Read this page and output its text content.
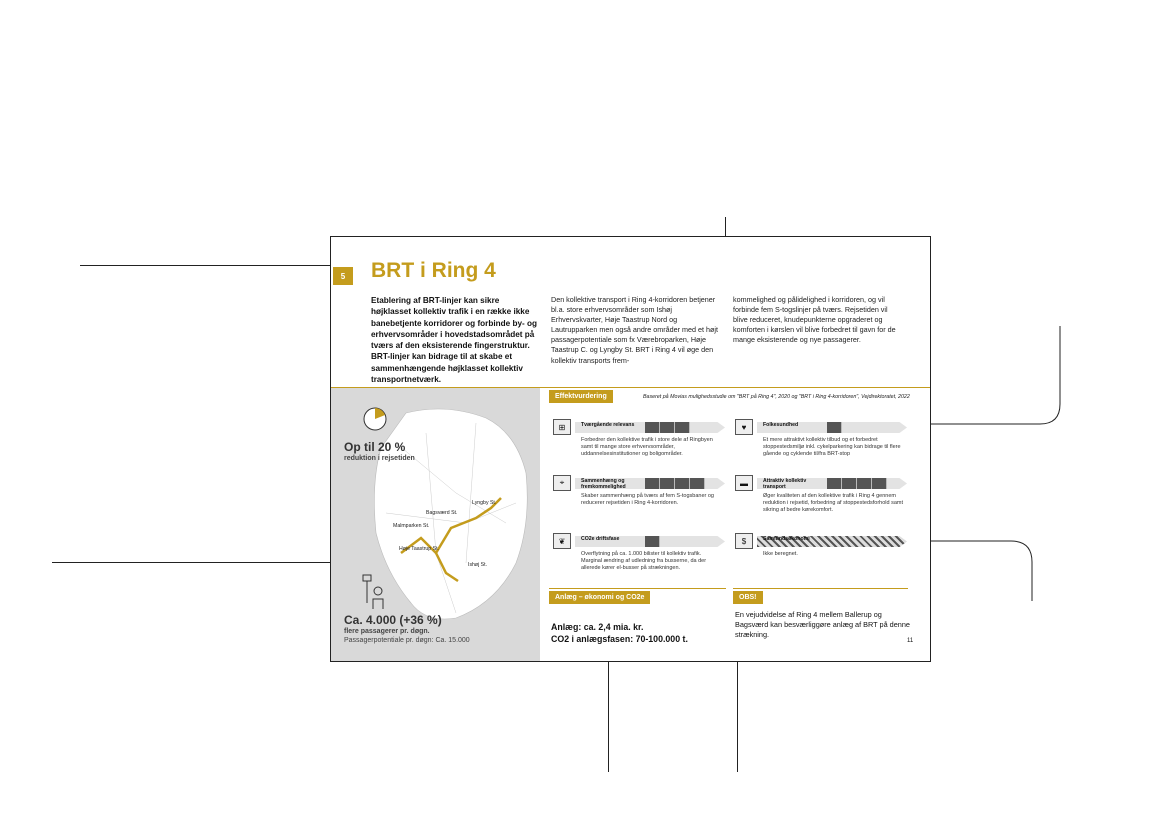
5	BRT i Ring 4
Etablering af BRT-linjer kan sikre højklasset kollektiv trafik i en række ikke banebetjente korridorer og forbinde by- og erhvervsområder i hovedstadsområdet på tværs af den eksisterende fingerstruktur. BRT-linjer kan bidrage til at skabe et sammenhængende højklasset kollektiv transportnetværk.
Den kollektive transport i Ring 4-korridoren betjener bl.a. store erhvervsområder som Ishøj Erhvervskvarter, Høje Taastrup Nord og Lautrupparken men også andre områder med et højt passagerpotentiale som fx Værebroparken, Høje Taastrup C. og Lyngby St. BRT i Ring 4 vil øge den kollektiv transports frem-
kommelighed og pålidelighed i korridoren, og vil forbinde fem S-togslinjer på tværs. Rejsetiden vil blive reduceret, knudepunkterne opgraderet og komforten i kørslen vil blive forbedret til gavn for de mange eksisterende og nye passagerer.
Lyngby St.
Bagsværd St.
Malmparken St.
Høje Taastrup St.
Ishøj St.
Op til 20 %
reduktion i rejsetiden
Ca. 4.000 (+36 %)
flere passagerer pr. døgn.
Passagerpotentiale pr. døgn: Ca. 15.000
Effektvurdering	Baseret på Movias mulighedsstudie om "BRT på Ring 4", 2020 og "BRT i Ring 4-korridoren", Vejdirektoratet, 2022
⊞	Tværgående relevans
Forbedrer den kollektive trafik i store dele af Ringbyen samt til mange store erhvervsområder, uddannelsesinstitutioner og boligområder.
♥	Folkesundhed
Et mere attraktivt kollektiv tilbud og et forbedret stoppestedsmiljø inkl. cykelparkering kan bidrage til flere gående og cyklende til/fra BRT-stop
⌖	Sammenhæng og fremkommelighed
Skaber sammenhæng på tværs af fem S-togsbaner og reducerer rejsetiden i Ring 4-korridoren.
▬	Attraktiv kollektiv transport
Øger kvaliteten af den kollektive trafik i Ring 4 gennem reduktion i rejsetid, forbedring af stoppestedsforhold samt sikring af bedre kørekomfort.
❦	CO2e driftsfase
Overflytning på ca. 1.000 bilister til kollektiv trafik. Marginal ændring af udledning fra busserne, da der allerede kører el-busser på strækningen.
$	Samfundsøkonomi
Ikke beregnet.
Anlæg – økonomi og CO2e
Anlæg: ca. 2,4 mia. kr.
CO2 i anlægsfasen: 70-100.000 t.
OBS!
En vejudvidelse af Ring 4 mellem Ballerup og Bagsværd kan besværliggøre anlæg af BRT på denne strækning.
11
